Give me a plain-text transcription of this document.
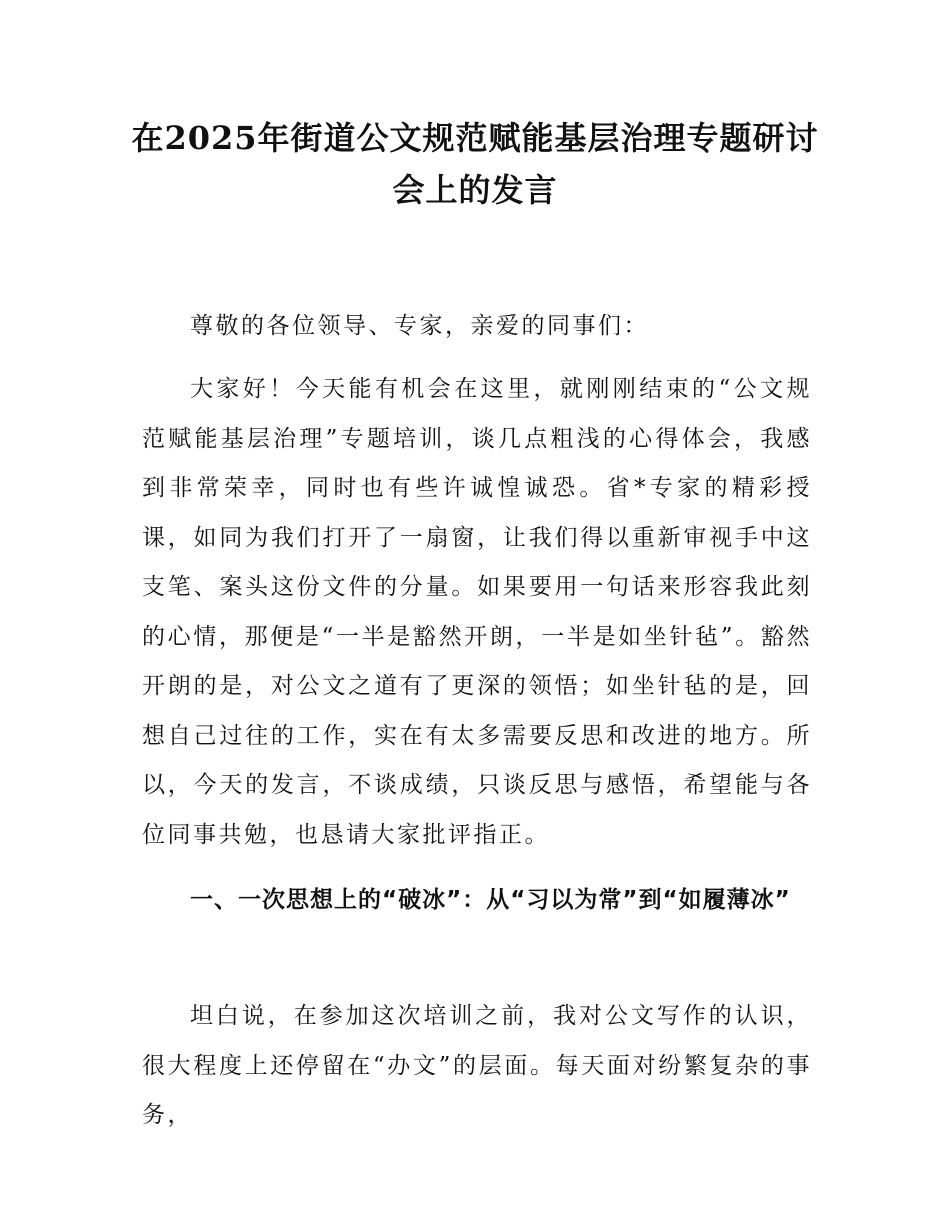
在2025年街道公文规范赋能基层治理专题研讨会上的发言

尊敬的各位领导、专家，亲爱的同事们：

大家好！今天能有机会在这里，就刚刚结束的“公文规范赋能基层治理”专题培训，谈几点粗浅的心得体会，我感到非常荣幸，同时也有些许诚惶诚恐。省*专家的精彩授课，如同为我们打开了一扇窗，让我们得以重新审视手中这支笔、案头这份文件的分量。如果要用一句话来形容我此刻的心情，那便是“一半是豁然开朗，一半是如坐针毡”。豁然开朗的是，对公文之道有了更深的领悟；如坐针毡的是，回想自己过往的工作，实在有太多需要反思和改进的地方。所以，今天的发言，不谈成绩，只谈反思与感悟，希望能与各位同事共勉，也恳请大家批评指正。

一、一次思想上的“破冰”：从“习以为常”到“如履薄冰”

坦白说，在参加这次培训之前，我对公文写作的认识，很大程度上还停留在“办文”的层面。每天面对纷繁复杂的事务，
